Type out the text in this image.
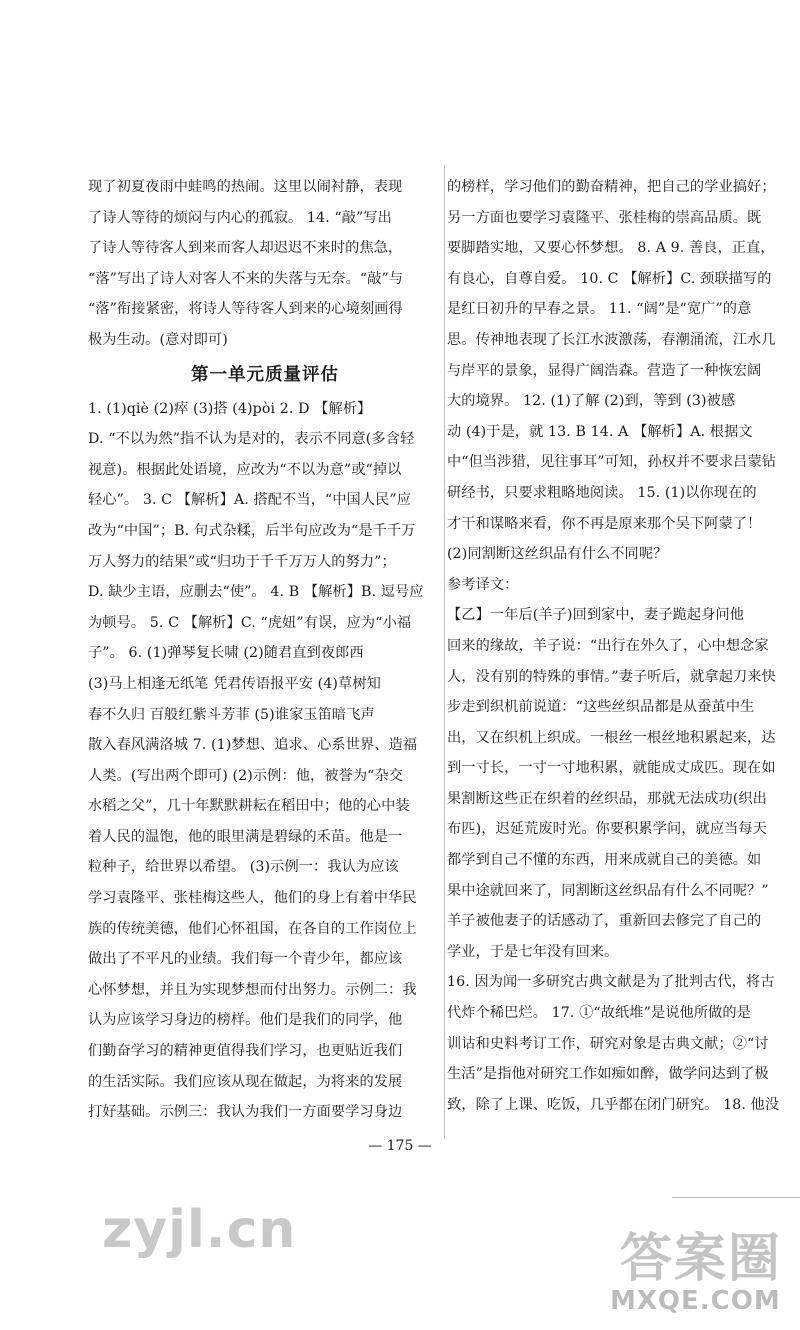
现了初夏夜雨中蛙鸣的热闹。这里以闹衬静，表现
了诗人等待的烦闷与内心的孤寂。 14. “敲”写出
了诗人等待客人到来而客人却迟迟不来时的焦急，
“落”写出了诗人对客人不来的失落与无奈。“敲”与
“落”衔接紧密，将诗人等待客人到来的心境刻画得
极为生动。(意对即可)
第一单元质量评估
1. (1)qiè (2)瘁 (3)搭 (4)pòi 2. D 【解析】
D. “不以为然”指不认为是对的，表示不同意(多含轻
视意)。根据此处语境，应改为“不以为意”或“掉以
轻心”。 3. C 【解析】A. 搭配不当，“中国人民”应
改为“中国”；B. 句式杂糅，后半句应改为“是千千万
万人努力的结果”或“归功于千千万万人的努力”；
D. 缺少主语，应删去“使”。 4. B 【解析】B. 逗号应
为顿号。 5. C 【解析】C. “虎妞”有误，应为“小福
子”。 6. (1)弹琴复长啸 (2)随君直到夜郎西
(3)马上相逢无纸笔 凭君传语报平安 (4)草树知
春不久归 百般红紫斗芳菲 (5)谁家玉笛暗飞声
散入春风满洛城 7. (1)梦想、追求、心系世界、造福
人类。(写出两个即可) (2)示例：他，被誉为“杂交
水稻之父”，几十年默默耕耘在稻田中；他的心中装
着人民的温饱，他的眼里满是碧绿的禾苗。他是一
粒种子，给世界以希望。 (3)示例一：我认为应该
学习袁隆平、张桂梅这些人，他们的身上有着中华民
族的传统美德，他们心怀祖国，在各自的工作岗位上
做出了不平凡的业绩。我们每一个青少年，都应该
心怀梦想，并且为实现梦想而付出努力。示例二：我
认为应该学习身边的榜样。他们是我们的同学，他
们勤奋学习的精神更值得我们学习，也更贴近我们
的生活实际。我们应该从现在做起，为将来的发展
打好基础。示例三：我认为我们一方面要学习身边
的榜样，学习他们的勤奋精神，把自己的学业搞好；
另一方面也要学习袁隆平、张桂梅的崇高品质。既
要脚踏实地，又要心怀梦想。 8. A 9. 善良，正直，
有良心，自尊自爱。 10. C 【解析】C. 颈联描写的
是红日初升的早春之景。 11. “阔”是“宽广”的意
思。传神地表现了长江水波激荡，春潮涌流，江水几
与岸平的景象，显得广阔浩森。营造了一种恢宏阔
大的境界。 12. (1)了解 (2)到，等到 (3)被感
动 (4)于是，就 13. B 14. A 【解析】A. 根据文
中“但当涉猎，见往事耳”可知，孙权并不要求吕蒙钻
研经书，只要求粗略地阅读。 15. (1)以你现在的
才干和谋略来看，你不再是原来那个吴下阿蒙了！
(2)同割断这丝织品有什么不同呢？
参考译文：
【乙】一年后(羊子)回到家中，妻子跪起身问他
回来的缘故，羊子说：“出行在外久了，心中想念家
人，没有别的特殊的事情。”妻子听后，就拿起刀来快
步走到织机前说道：“这些丝织品都是从蚕茧中生
出，又在织机上织成。一根丝一根丝地积累起来，达
到一寸长，一寸一寸地积累，就能成丈成匹。现在如
果割断这些正在织着的丝织品，那就无法成功(织出
布匹)，迟延荒废时光。你要积累学问，就应当每天
都学到自己不懂的东西，用来成就自己的美德。如
果中途就回来了，同割断这丝织品有什么不同呢？”
羊子被他妻子的话感动了，重新回去修完了自己的
学业，于是七年没有回来。
16. 因为闻一多研究古典文献是为了批判古代，将古
代炸个稀巴烂。 17. ①“故纸堆”是说他所做的是
训诂和史料考订工作，研究对象是古典文献；②“讨
生活”是指他对研究工作如痴如醉，做学问达到了极
致，除了上课、吃饭，几乎都在闭门研究。 18. 他没
— 175 —
zyjl.cn	答案圈
MXQE.COM
